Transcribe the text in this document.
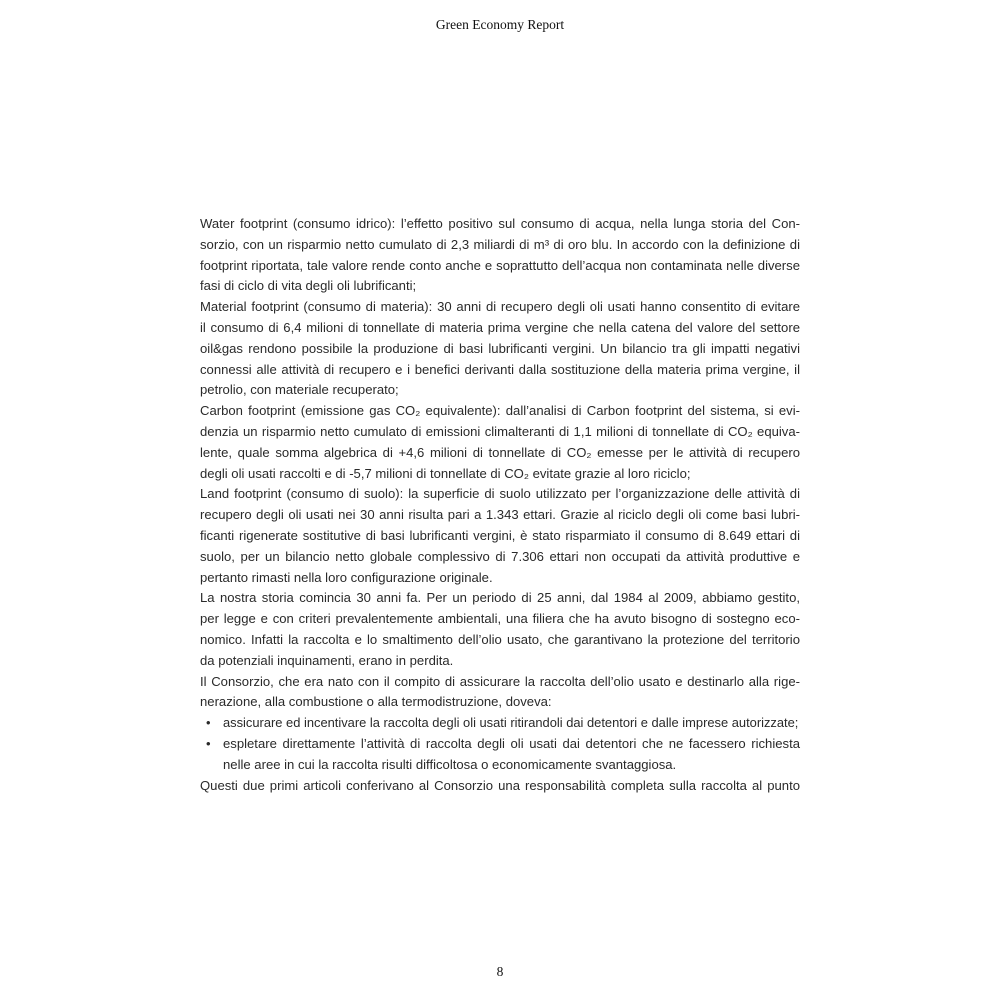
Green Economy Report
Water footprint (consumo idrico): l’effetto positivo sul consumo di acqua, nella lunga storia del Con-
sorzio, con un risparmio netto cumulato di 2,3 miliardi di m³ di oro blu. In accordo con la definizione di
footprint riportata, tale valore rende conto anche e soprattutto dell’acqua non contaminata nelle diverse
fasi di ciclo di vita degli oli lubrificanti;
Material footprint (consumo di materia): 30 anni di recupero degli oli usati hanno consentito di evitare
il consumo di 6,4 milioni di tonnellate di materia prima vergine che nella catena del valore del settore
oil&gas rendono possibile la produzione di basi lubrificanti vergini. Un bilancio tra gli impatti negativi
connessi alle attività di recupero e i benefici derivanti dalla sostituzione della materia prima vergine, il
petrolio, con materiale recuperato;
Carbon footprint (emissione gas CO₂ equivalente): dall’analisi di Carbon footprint del sistema, si evi-
denzia un risparmio netto cumulato di emissioni climalteranti di 1,1 milioni di tonnellate di CO₂ equiva-
lente, quale somma algebrica di +4,6 milioni di tonnellate di CO₂ emesse per le attività di recupero
degli oli usati raccolti e di -5,7 milioni di tonnellate di CO₂ evitate grazie al loro riciclo;
Land footprint (consumo di suolo): la superficie di suolo utilizzato per l’organizzazione delle attività di
recupero degli oli usati nei 30 anni risulta pari a 1.343 ettari. Grazie al riciclo degli oli come basi lubri-
ficanti rigenerate sostitutive di basi lubrificanti vergini, è stato risparmiato il consumo di 8.649 ettari di
suolo, per un bilancio netto globale complessivo di 7.306 ettari non occupati da attività produttive e
pertanto rimasti nella loro configurazione originale.
La nostra storia comincia 30 anni fa. Per un periodo di 25 anni, dal 1984 al 2009, abbiamo gestito,
per legge e con criteri prevalentemente ambientali, una filiera che ha avuto bisogno di sostegno eco-
nomico. Infatti la raccolta e lo smaltimento dell’olio usato, che garantivano la protezione del territorio
da potenziali inquinamenti, erano in perdita.
Il Consorzio, che era nato con il compito di assicurare la raccolta dell’olio usato e destinarlo alla rige-
nerazione, alla combustione o alla termodistruzione, doveva:
• assicurare ed incentivare la raccolta degli oli usati ritirandoli dai detentori e dalle imprese autorizzate;
• espletare direttamente l’attività di raccolta degli oli usati dai detentori che ne facessero richiesta
nelle aree in cui la raccolta risulti difficoltosa o economicamente svantaggiosa.
Questi due primi articoli conferivano al Consorzio una responsabilità completa sulla raccolta al punto
8
